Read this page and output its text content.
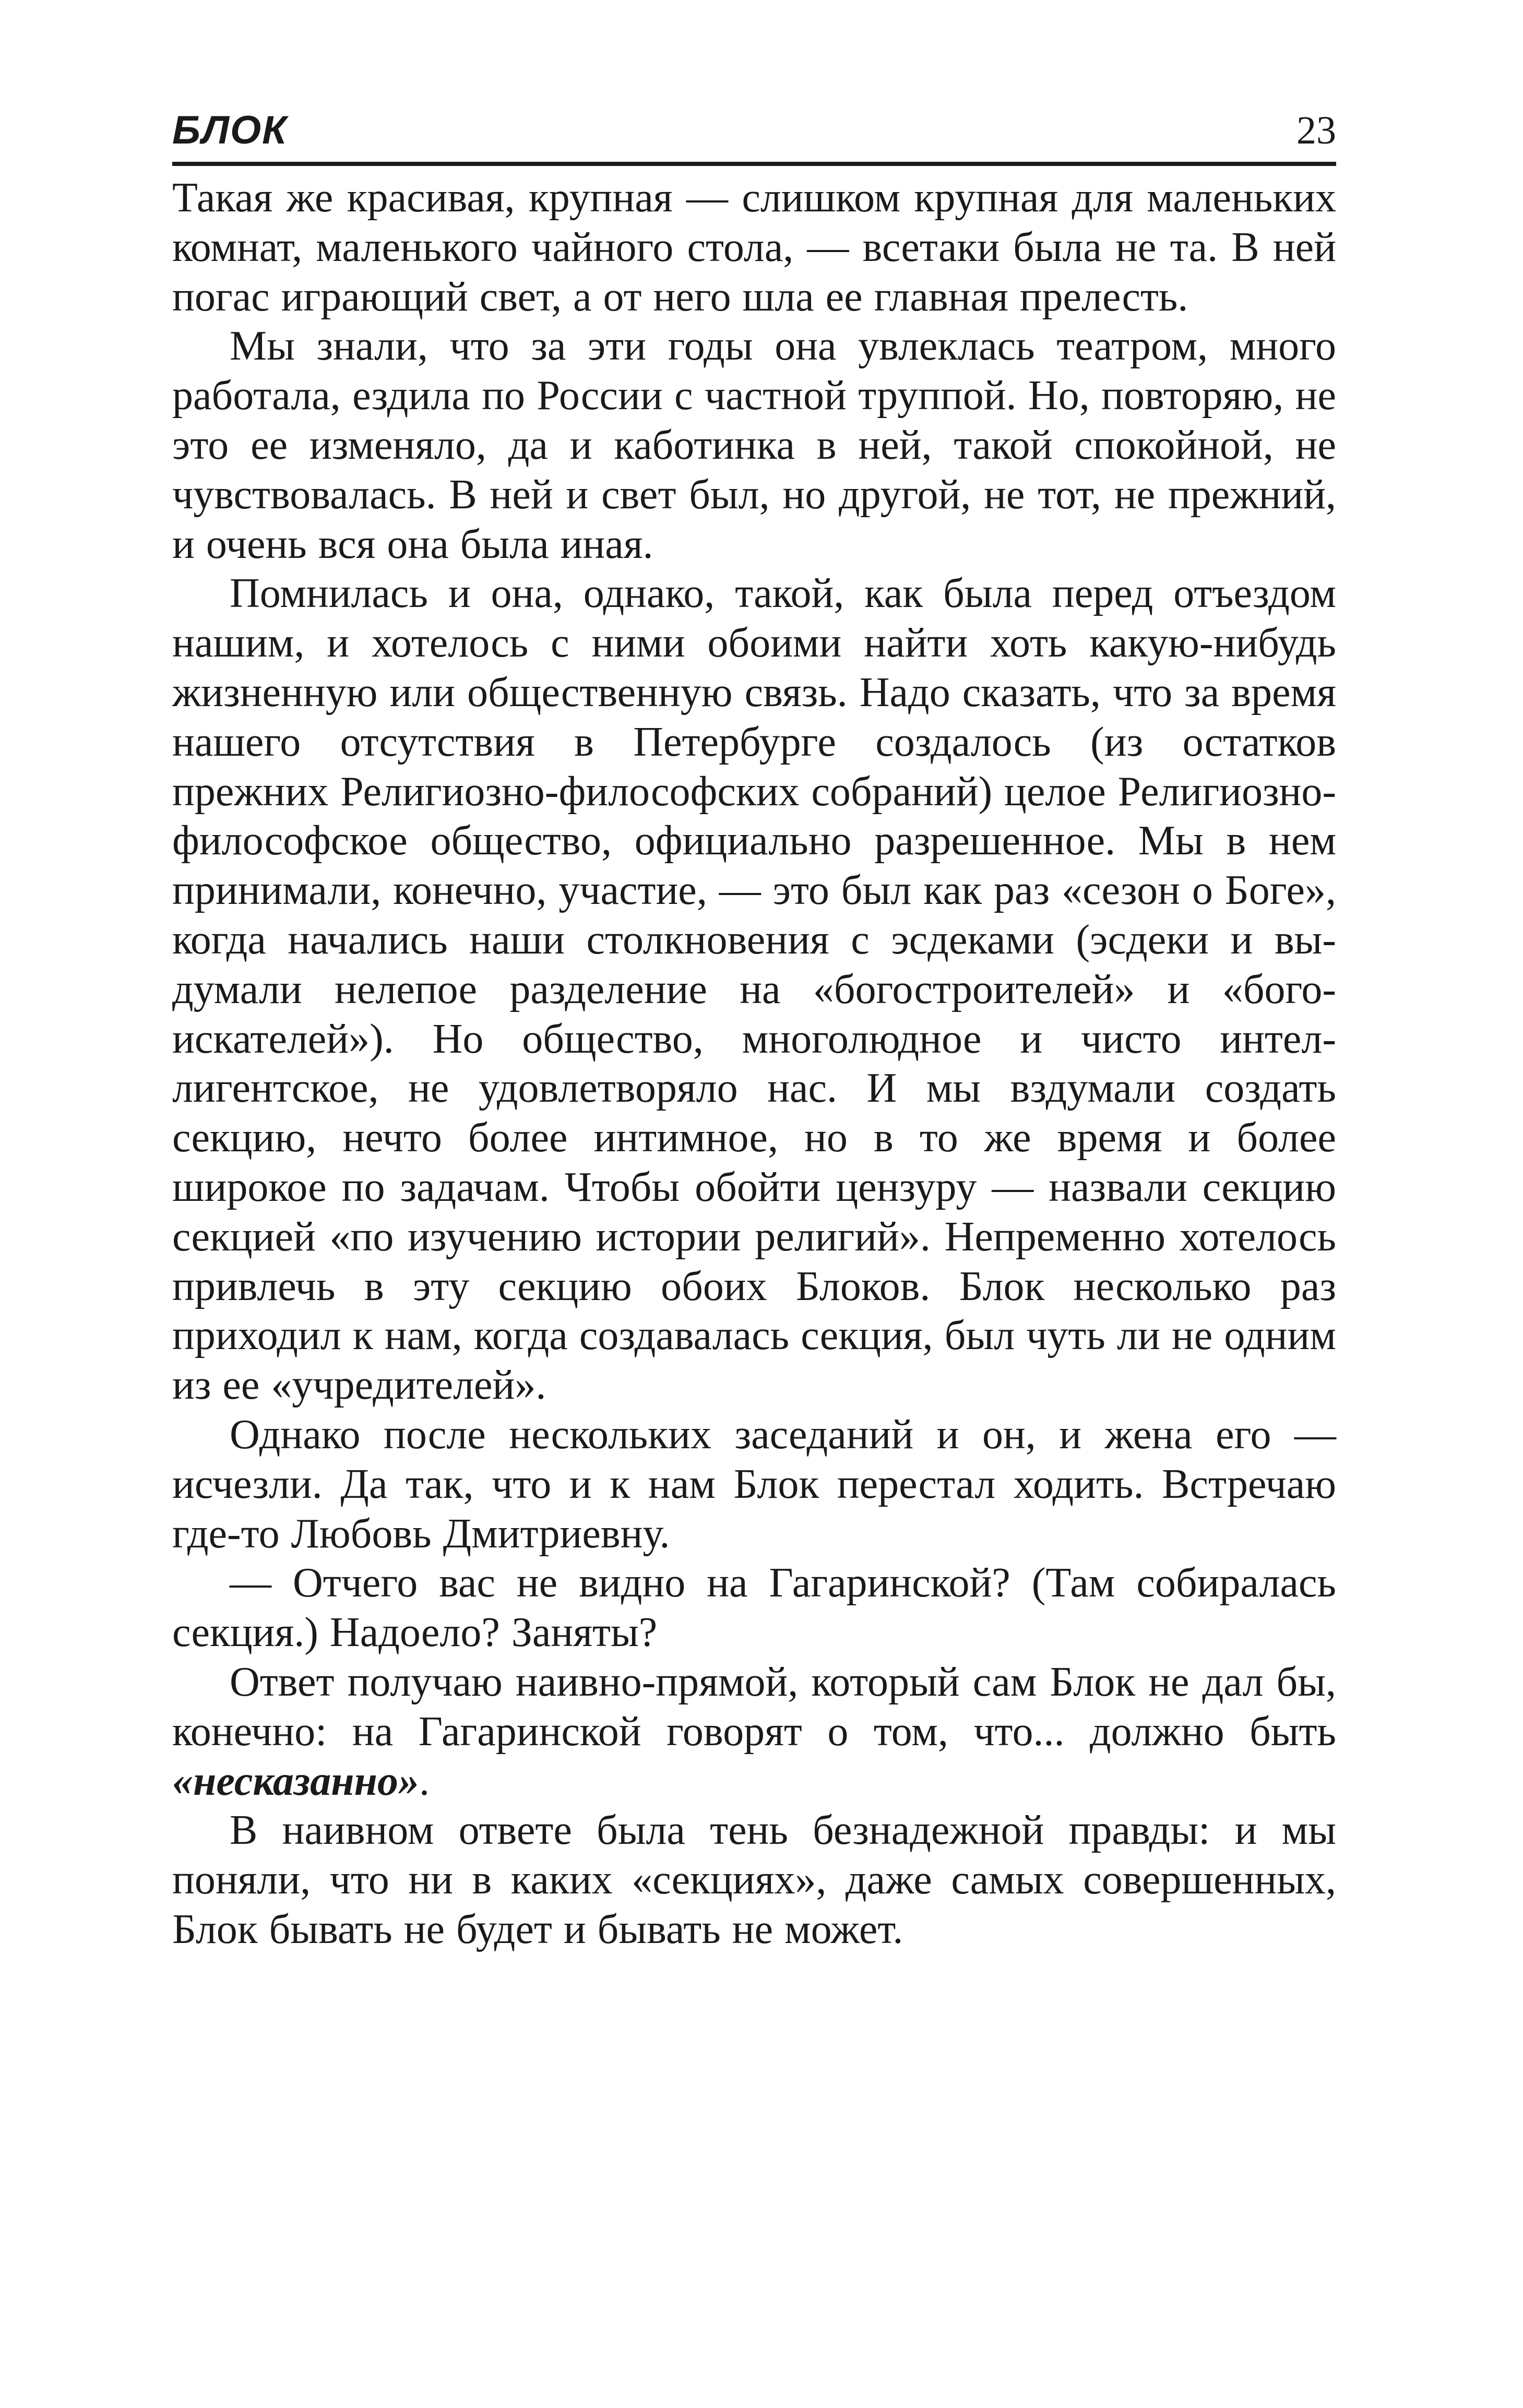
БЛОК	23

Такая же красивая, крупная — слишком крупная для маленьких комнат, маленького чайного стола, — всетаки была не та. В ней погас играющий свет, а от него шла ее главная прелесть.

Мы знали, что за эти годы она увлеклась театром, много работала, ездила по России с частной труппой. Но, повторяю, не это ее изменяло, да и каботинка в ней, такой спокойной, не чувствовалась. В ней и свет был, но другой, не тот, не прежний, и очень вся она была иная.

Помнилась и она, однако, такой, как была перед отъездом нашим, и хотелось с ними обоими найти хоть какую-нибудь жизненную или общественную связь. Надо сказать, что за время нашего отсутствия в Петербурге создалось (из остатков прежних Религиозно-философских собраний) целое Религиозно-философское общество, официально разрешенное. Мы в нем принимали, конечно, участие, — это был как раз «сезон о Боге», когда начались наши столкновения с эсдеками (эсдеки и выдумали нелепое разделение на «богостроителей» и «богоискателей»). Но общество, многолюдное и чисто интеллигентское, не удовлетворяло нас. И мы вздумали создать секцию, нечто более интимное, но в то же время и более широкое по задачам. Чтобы обойти цензуру — назвали секцию секцией «по изучению истории религий». Непременно хотелось привлечь в эту секцию обоих Блоков. Блок несколько раз приходил к нам, когда создавалась секция, был чуть ли не одним из ее «учредителей».

Однако после нескольких заседаний и он, и жена его — исчезли. Да так, что и к нам Блок перестал ходить. Встречаю где-то Любовь Дмитриевну.

— Отчего вас не видно на Гагаринской? (Там собиралась секция.) Надоело? Заняты?

Ответ получаю наивно-прямой, который сам Блок не дал бы, конечно: на Гагаринской говорят о том, что... должно быть «несказанно».

В наивном ответе была тень безнадежной правды: и мы поняли, что ни в каких «секциях», даже самых совершенных, Блок бывать не будет и бывать не может.
